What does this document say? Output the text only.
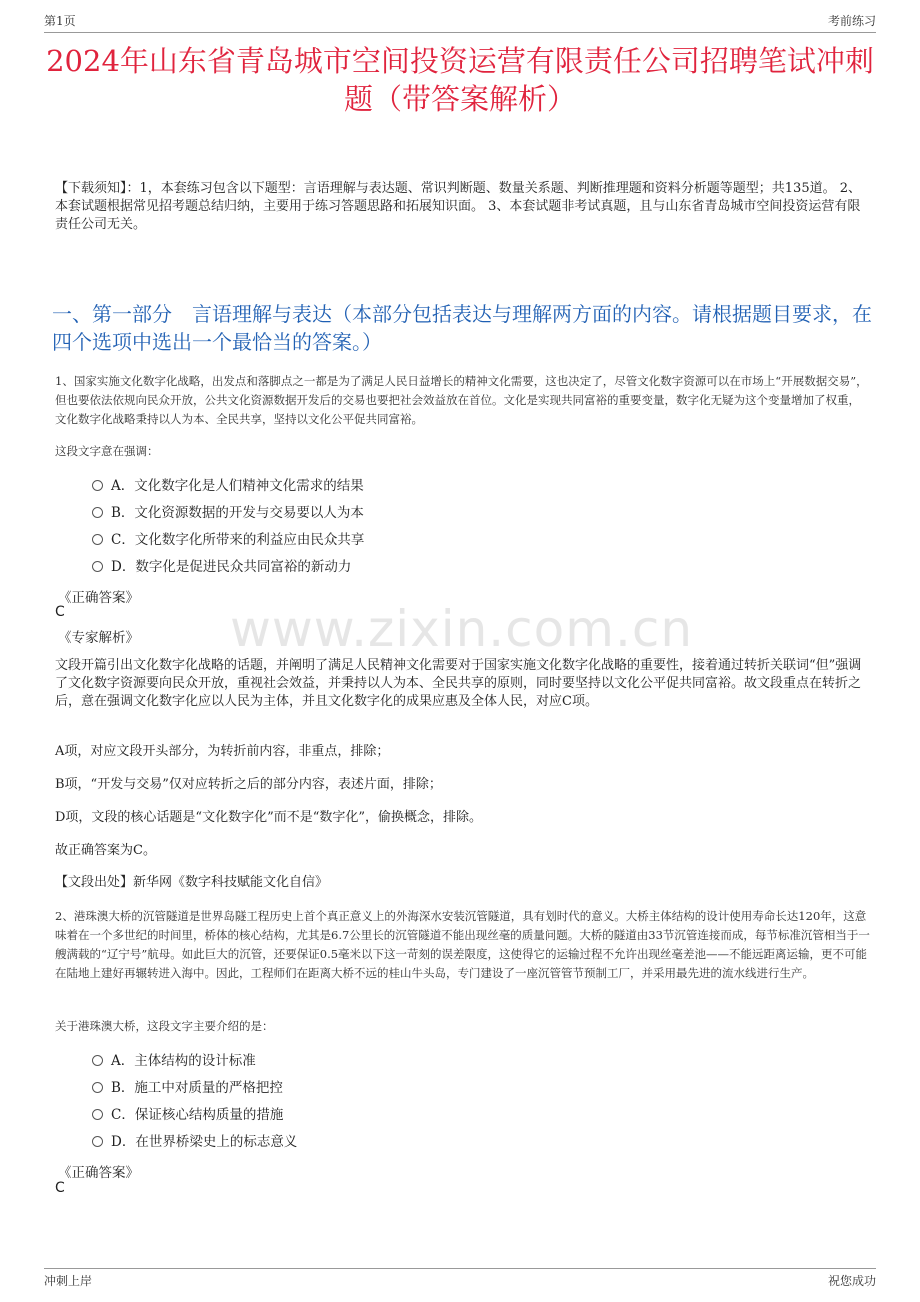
第1页	考前练习
2024年山东省青岛城市空间投资运营有限责任公司招聘笔试冲刺题（带答案解析）
【下载须知】：1，本套练习包含以下题型：言语理解与表达题、常识判断题、数量关系题、判断推理题和资料分析题等题型；共135道。 2、本套试题根据常见招考题总结归纳，主要用于练习答题思路和拓展知识面。 3、本套试题非考试真题，且与山东省青岛城市空间投资运营有限责任公司无关。
一、第一部分　言语理解与表达（本部分包括表达与理解两方面的内容。请根据题目要求，在四个选项中选出一个最恰当的答案。）
www.zixin.com.cn
1、国家实施文化数字化战略，出发点和落脚点之一都是为了满足人民日益增长的精神文化需要，这也决定了，尽管文化数字资源可以在市场上“开展数据交易”，但也要依法依规向民众开放，公共文化资源数据开发后的交易也要把社会效益放在首位。文化是实现共同富裕的重要变量，数字化无疑为这个变量增加了权重，文化数字化战略秉持以人为本、全民共享，坚持以文化公平促共同富裕。
这段文字意在强调：
A．文化数字化是人们精神文化需求的结果
B．文化资源数据的开发与交易要以人为本
C．文化数字化所带来的利益应由民众共享
D．数字化是促进民众共同富裕的新动力
《正确答案》
C
《专家解析》
文段开篇引出文化数字化战略的话题，并阐明了满足人民精神文化需要对于国家实施文化数字化战略的重要性，接着通过转折关联词“但”强调了文化数字资源要向民众开放，重视社会效益，并秉持以人为本、全民共享的原则，同时要坚持以文化公平促共同富裕。故文段重点在转折之后，意在强调文化数字化应以人民为主体，并且文化数字化的成果应惠及全体人民，对应C项。
A项，对应文段开头部分，为转折前内容，非重点，排除；
B项，“开发与交易”仅对应转折之后的部分内容，表述片面，排除；
D项，文段的核心话题是“文化数字化”而不是“数字化”，偷换概念，排除。
故正确答案为C。
【文段出处】新华网《数字科技赋能文化自信》
2、港珠澳大桥的沉管隧道是世界岛隧工程历史上首个真正意义上的外海深水安装沉管隧道，具有划时代的意义。大桥主体结构的设计使用寿命长达120年，这意味着在一个多世纪的时间里，桥体的核心结构，尤其是6.7公里长的沉管隧道不能出现丝毫的质量问题。大桥的隧道由33节沉管连接而成，每节标准沉管相当于一艘满载的“辽宁号”航母。如此巨大的沉管，还要保证0.5毫米以下这一苛刻的误差限度，这使得它的运输过程不允许出现丝毫差池——不能远距离运输，更不可能在陆地上建好再辗转进入海中。因此，工程师们在距离大桥不远的桂山牛头岛，专门建设了一座沉管管节预制工厂，并采用最先进的流水线进行生产。
关于港珠澳大桥，这段文字主要介绍的是：
A．主体结构的设计标准
B．施工中对质量的严格把控
C．保证核心结构质量的措施
D．在世界桥梁史上的标志意义
《正确答案》
C
冲刺上岸	祝您成功
